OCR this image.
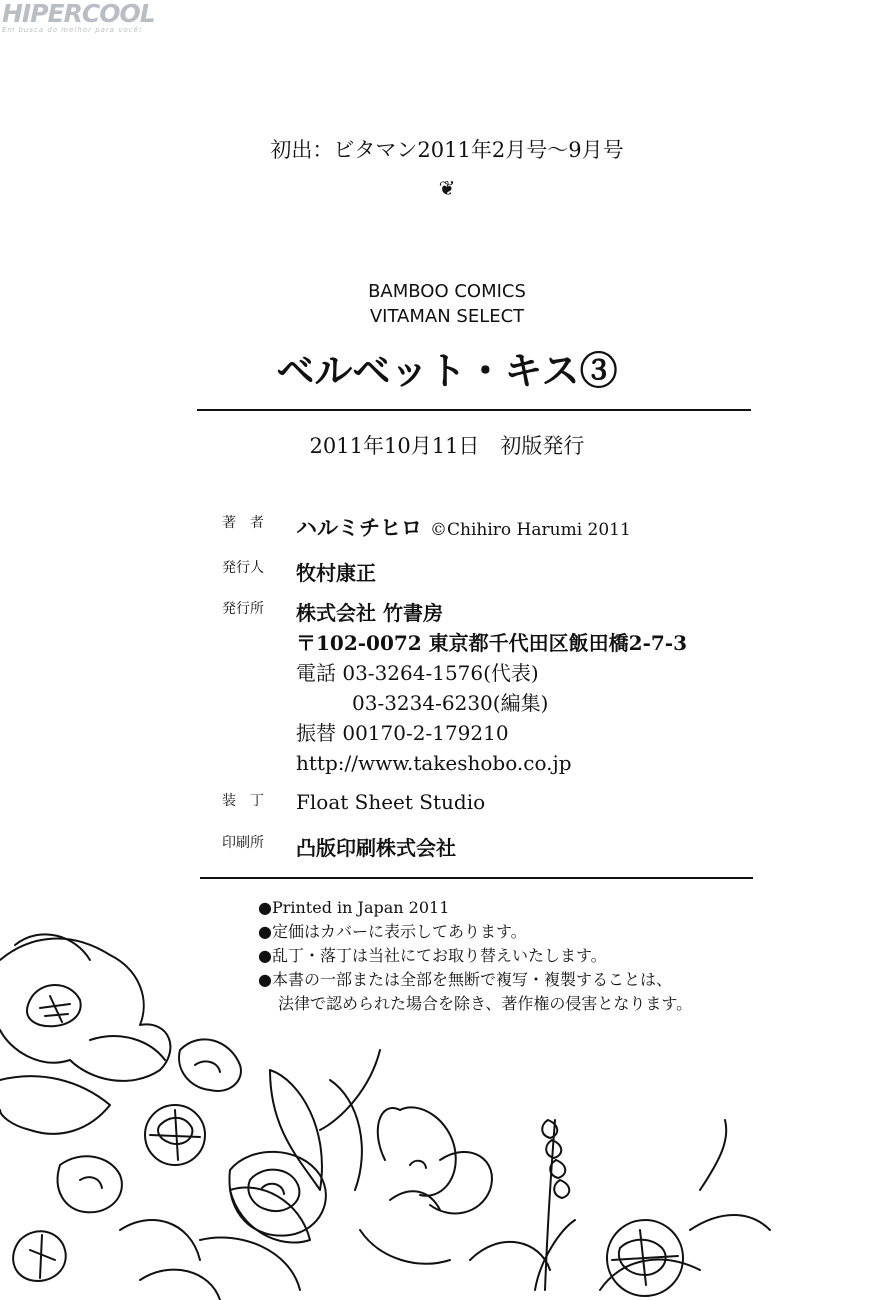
HIPERCOOL
Em busca do melhor para você!
初出：ビタマン2011年2月号〜9月号
❦
BAMBOO COMICS
VITAMAN SELECT
ベルベット・キス③
2011年10月11日　初版発行
著　者	ハルミチヒロ ©Chihiro Harumi 2011
発行人	牧村康正
発行所	株式会社 竹書房
〒102-0072 東京都千代田区飯田橋2-7-3
電話 03-3264-1576(代表)
03-3234-6230(編集)
振替 00170-2-179210
http://www.takeshobo.co.jp
装　丁	Float Sheet Studio
印刷所	凸版印刷株式会社
●Printed in Japan 2011
●定価はカバーに表示してあります。
●乱丁・落丁は当社にてお取り替えいたします。
●本書の一部または全部を無断で複写・複製することは、
法律で認められた場合を除き、著作権の侵害となります。
